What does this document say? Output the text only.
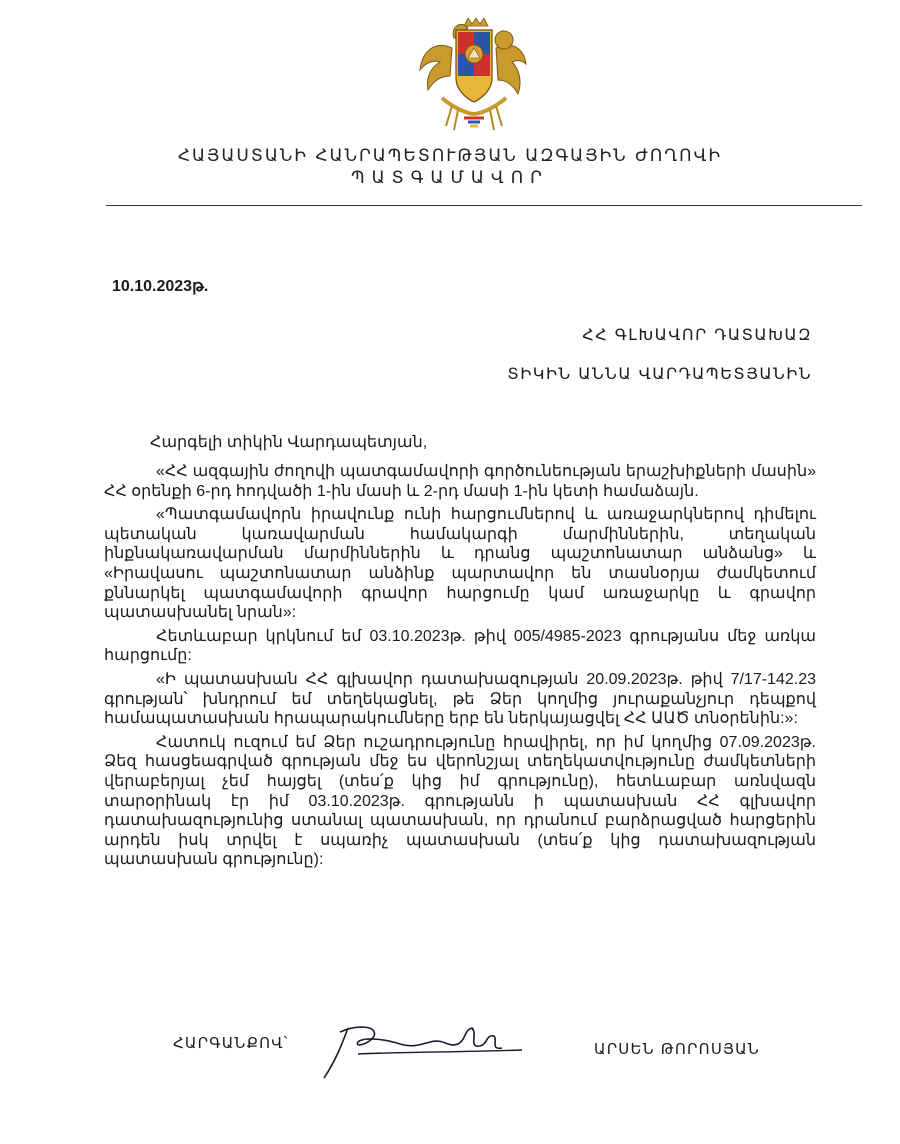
ՀԱՅԱՍՏԱՆԻ ՀԱՆՐԱՊԵՏՈՒԹՅԱՆ ԱԶԳԱՅԻՆ ԺՈՂՈՎԻ
ՊԱՏԳԱՄԱՎՈՐ
10.10.2023թ.
ՀՀ ԳԼԽԱՎՈՐ ԴԱՏԱԽԱԶ
ՏԻԿԻՆ ԱՆՆԱ ՎԱՐԴԱՊԵՏՅԱՆԻՆ
Հարգելի տիկին Վարդապետյան,

«ՀՀ ազգային ժողովի պատգամավորի գործունեության երաշխիքների մասին» ՀՀ օրենքի 6-րդ հոդվածի 1-ին մասի և 2-րդ մասի 1-ին կետի համաձայն.

«Պատգամավորն իրավունք ունի հարցումներով և առաջարկներով դիմելու պետական կառավարման համակարգի մարմիններին, տեղական ինքնակառավարման մարմիններին և դրանց պաշտոնատար անձանց» և «Իրավասու պաշտոնատար անձինք պարտավոր են տասնօրյա ժամկետում քննարկել պատգամավորի գրավոր հարցումը կամ առաջարկը և գրավոր պատասխանել նրան»:

Հետևաբար կրկնում եմ 03.10.2023թ. թիվ 005/4985-2023 գրությանս մեջ առկա հարցումը:

«Ի պատասխան ՀՀ գլխավոր դատախազության 20.09.2023թ. թիվ 7/17-142.23 գրության՝ խնդրում եմ տեղեկացնել, թե Ձեր կողմից յուրաքանչյուր դեպքով համապատասխան հրապարակումները երբ են ներկայացվել ՀՀ ԱԱԾ տնօրենին:»:

Հատուկ ուզում եմ Ձեր ուշադրությունը հրավիրել, որ իմ կողմից 07.09.2023թ. Ձեզ հասցեագրված գրության մեջ ես վերոնշյալ տեղեկատվությունը ժամկետների վերաբերյալ չեմ հայցել (տես՛ք կից իմ գրությունը), հետևաբար առնվազն տարօրինակ էր իմ 03.10.2023թ. գրությանն ի պատասխան ՀՀ գլխավոր դատախազությունից ստանալ պատասխան, որ դրանում բարձրացված հարցերին արդեն իսկ տրվել է սպառիչ պատասխան (տես՛ք կից դատախազության պատասխան գրությունը):

ՀԱՐԳԱՆՔՈՎ՝	ԱՐՍԵՆ ԹՈՐՈՍՅԱՆ
